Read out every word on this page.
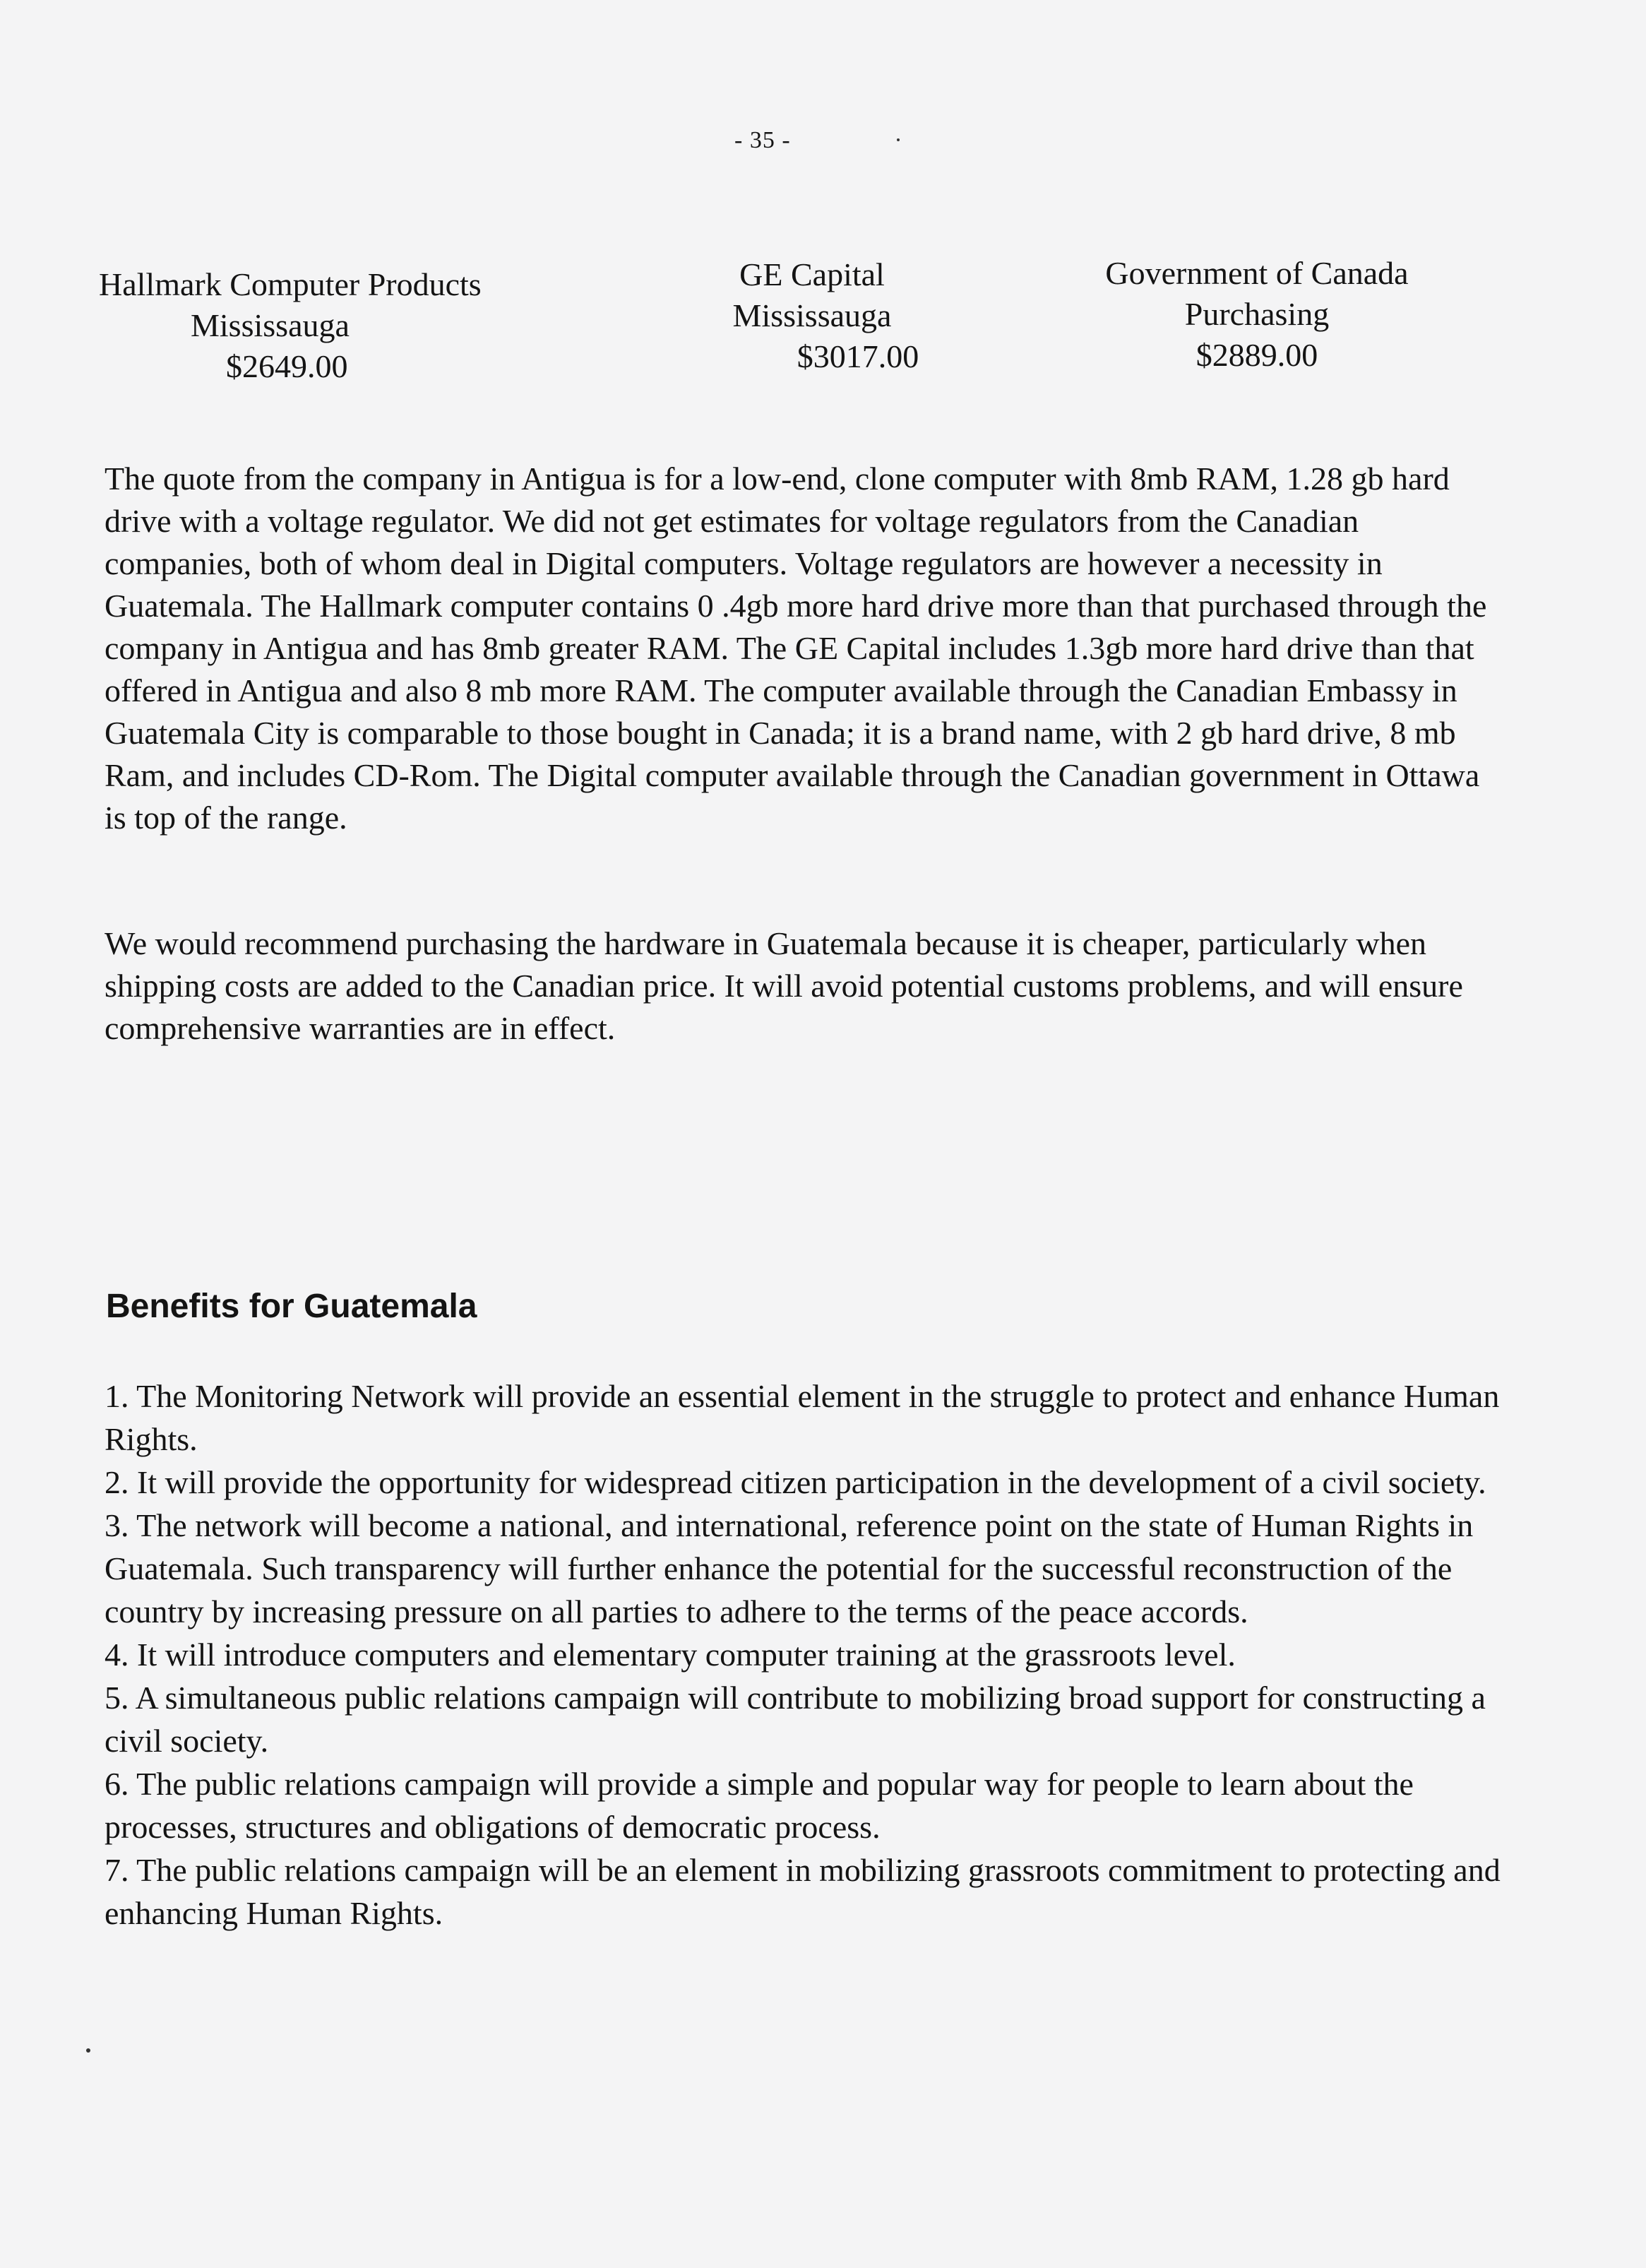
- 35 -
Hallmark Computer Products
Mississauga
$2649.00
GE Capital
Mississauga
$3017.00
Government of Canada
Purchasing
$2889.00

The quote from the company in Antigua is for a low-end, clone computer with 8mb RAM, 1.28 gb hard drive with a voltage regulator. We did not get estimates for voltage regulators from the Canadian companies, both of whom deal in Digital computers. Voltage regulators are however a necessity in Guatemala. The Hallmark computer contains 0 .4gb more hard drive more than that purchased through the company in Antigua and has 8mb greater RAM. The GE Capital includes 1.3gb more hard drive than that offered in Antigua and also 8 mb more RAM. The computer available through the Canadian Embassy in Guatemala City is comparable to those bought in Canada; it is a brand name, with 2 gb hard drive, 8 mb Ram, and includes CD-Rom. The Digital computer available through the Canadian government in Ottawa is top of the range.

We would recommend purchasing the hardware in Guatemala because it is cheaper, particularly when shipping costs are added to the Canadian price. It will avoid potential customs problems, and will ensure comprehensive warranties are in effect.

Benefits for Guatemala
1. The Monitoring Network will provide an essential element in the struggle to protect and enhance Human Rights.
2. It will provide the opportunity for widespread citizen participation in the development of a civil society.
3. The network will become a national, and international, reference point on the state of Human Rights in Guatemala. Such transparency will further enhance the potential for the successful reconstruction of the country by increasing pressure on all parties to adhere to the terms of the peace accords.
4. It will introduce computers and elementary computer training at the grassroots level.
5. A simultaneous public relations campaign will contribute to mobilizing broad support for constructing a civil society.
6. The public relations campaign will provide a simple and popular way for people to learn about the processes, structures and obligations of democratic process.
7. The public relations campaign will be an element in mobilizing grassroots commitment to protecting and enhancing Human Rights.
